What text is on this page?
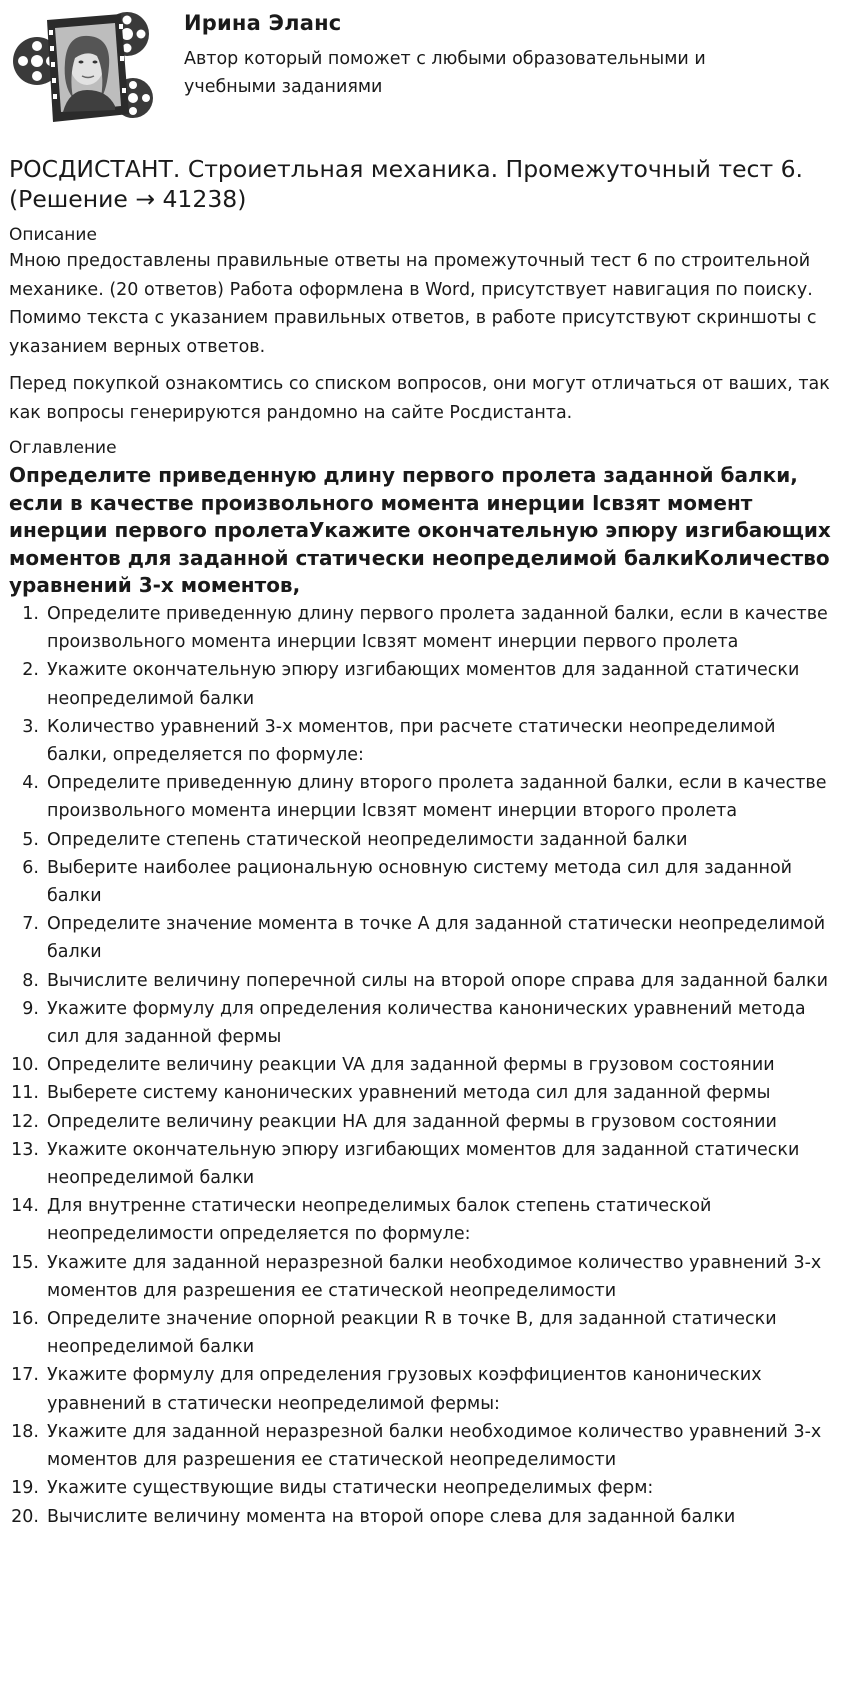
Ирина Эланс
Автор который поможет с любыми образовательными и учебными заданиями
РОСДИСТАНТ. Строиетльная механика. Промежуточный тест 6. (Решение → 41238)
Описание

Мною предоставлены правильные ответы на промежуточный тест 6 по строительной механике. (20 ответов) Работа оформлена в Word, присутствует навигация по поиску. Помимо текста с указанием правильных ответов, в работе присутствуют скриншоты с указанием верных ответов.

Перед покупкой ознакомтись со списком вопросов, они могут отличаться от ваших, так как вопросы генерируются рандомно на сайте Росдистанта.

Оглавление
Определите приведенную длину первого пролета заданной балки, если в качестве произвольного момента инерции Icвзят момент инерции первого пролетаУкажите окончательную эпюру изгибающих моментов для заданной статически неопределимой балкиКоличество уравнений 3-х моментов,
1. Определите приведенную длину первого пролета заданной балки, если в качестве произвольного момента инерции Icвзят момент инерции первого пролета
2. Укажите окончательную эпюру изгибающих моментов для заданной статически неопределимой балки
3. Количество уравнений 3-х моментов, при расчете статически неопределимой балки, определяется по формуле:
4. Определите приведенную длину второго пролета заданной балки, если в качестве произвольного момента инерции Icвзят момент инерции второго пролета
5. Определите степень статической неопределимости заданной балки
6. Выберите наиболее рациональную основную систему метода сил для заданной балки
7. Определите значение момента в точке А для заданной статически неопределимой балки
8. Вычислите величину поперечной силы на второй опоре справа для заданной балки
9. Укажите формулу для определения количества канонических уравнений метода сил для заданной фермы
10. Определите величину реакции VA для заданной фермы в грузовом состоянии
11. Выберете систему канонических уравнений метода сил для заданной фермы
12. Определите величину реакции НА для заданной фермы в грузовом состоянии
13. Укажите окончательную эпюру изгибающих моментов для заданной статически неопределимой балки
14. Для внутренне статически неопределимых балок степень статической неопределимости определяется по формуле:
15. Укажите для заданной неразрезной балки необходимое количество уравнений 3-х моментов для разрешения ее статической неопределимости
16. Определите значение опорной реакции R в точке В, для заданной статически неопределимой балки
17. Укажите формулу для определения грузовых коэффициентов канонических уравнений в статически неопределимой фермы:
18. Укажите для заданной неразрезной балки необходимое количество уравнений 3-х моментов для разрешения ее статической неопределимости
19. Укажите существующие виды статически неопределимых ферм:
20. Вычислите величину момента на второй опоре слева для заданной балки
